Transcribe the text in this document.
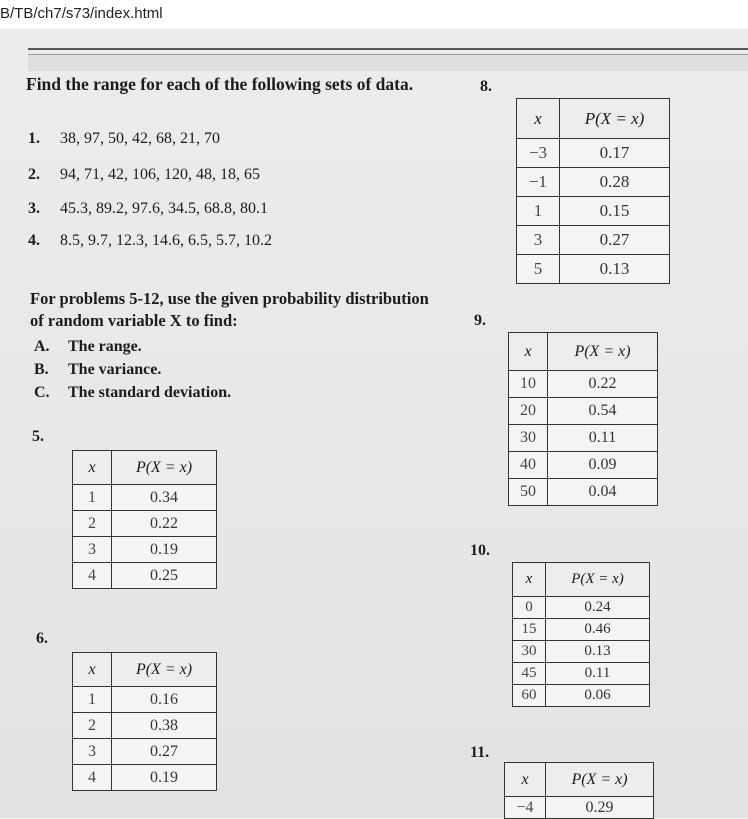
B/TB/ch7/s73/index.html
Find the range for each of the following sets of data.
1. 38, 97, 50, 42, 68, 21, 70
2. 94, 71, 42, 106, 120, 48, 18, 65
3. 45.3, 89.2, 97.6, 34.5, 68.8, 80.1
4. 8.5, 9.7, 12.3, 14.6, 6.5, 5.7, 10.2
For problems 5-12, use the given probability distribution of random variable X to find:
A. The range.
B. The variance.
C. The standard deviation.
5.
6.
8.
9.
10.
11.
x	P(X = x)
1	0.34
2	0.22
3	0.19
4	0.25
x	P(X = x)
1	0.16
2	0.38
3	0.27
4	0.19
x	P(X = x)
−3	0.17
−1	0.28
1	0.15
3	0.27
5	0.13
x	P(X = x)
10	0.22
20	0.54
30	0.11
40	0.09
50	0.04
x	P(X = x)
0	0.24
15	0.46
30	0.13
45	0.11
60	0.06
x	P(X = x)
−4	0.29
